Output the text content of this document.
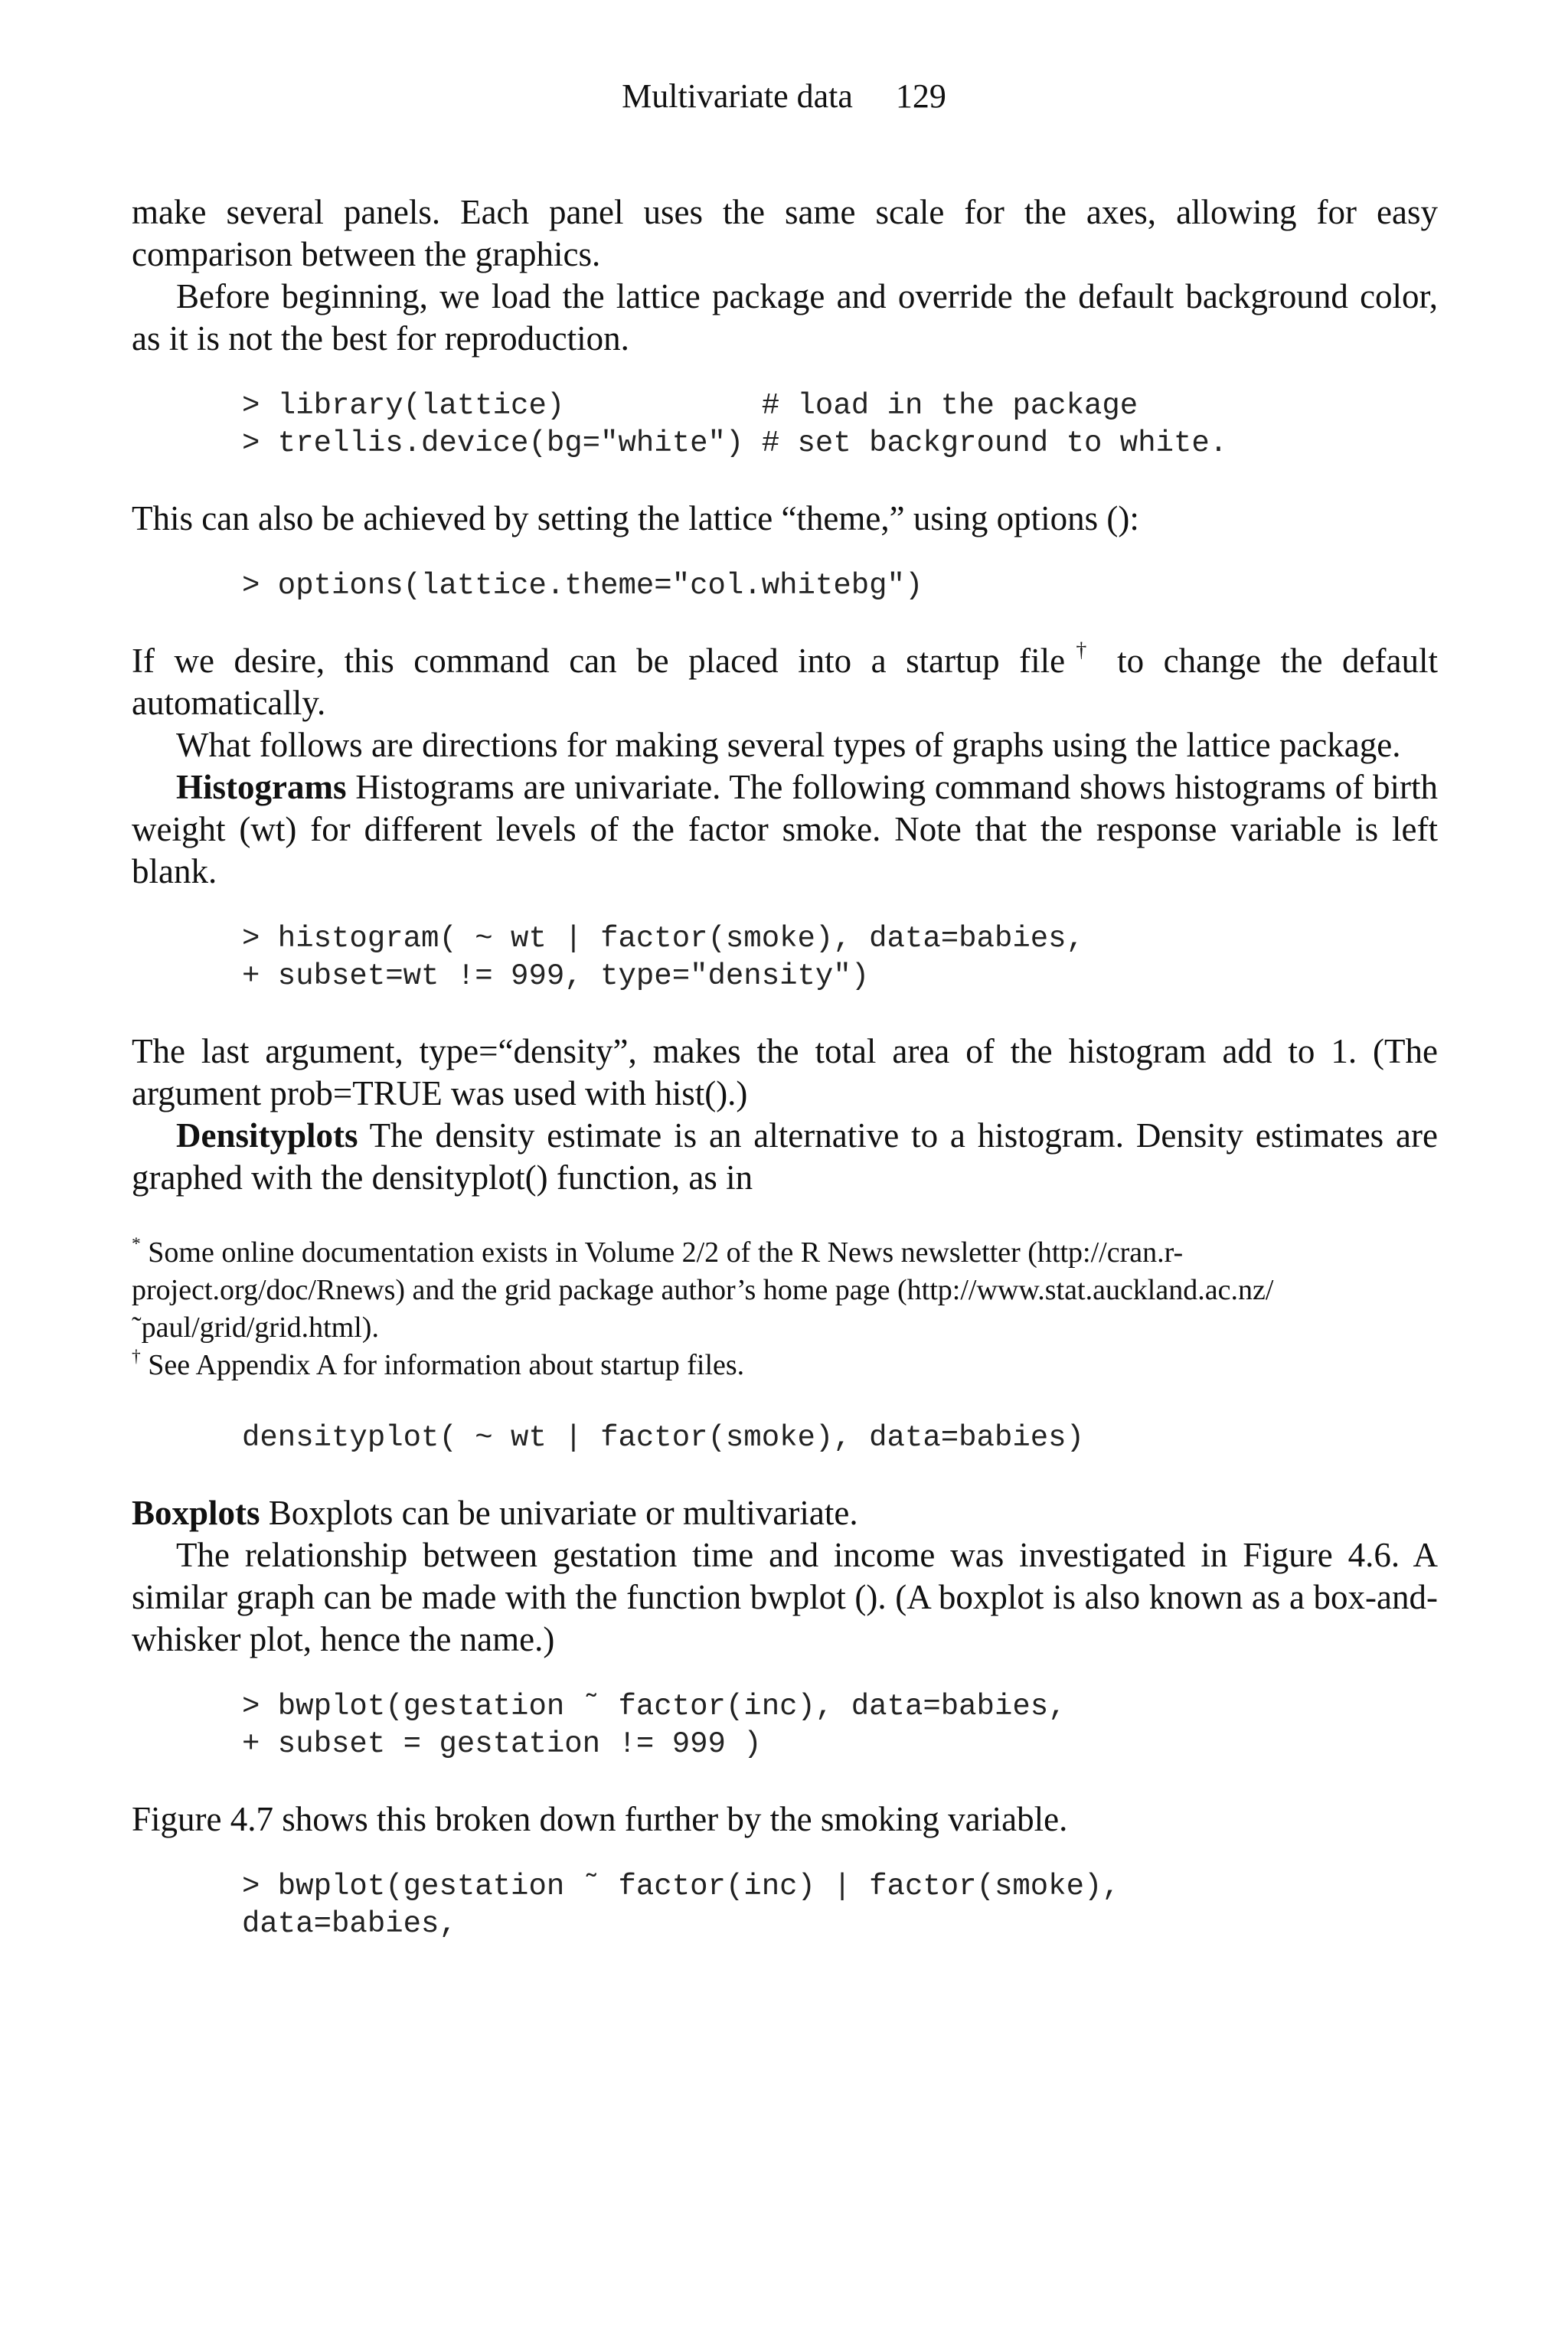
Multivariate data 129

make several panels. Each panel uses the same scale for the axes, allowing for easy comparison between the graphics.

Before beginning, we load the lattice package and override the default background color, as it is not the best for reproduction.

> library(lattice)           # load in the package
> trellis.device(bg="white") # set background to white.

This can also be achieved by setting the lattice “theme,” using options ():

> options(lattice.theme="col.whitebg")

If we desire, this command can be placed into a startup file† to change the default automatically.

What follows are directions for making several types of graphs using the lattice package.

Histograms Histograms are univariate. The following command shows histograms of birth weight (wt) for different levels of the factor smoke. Note that the response variable is left blank.

> histogram( ~ wt | factor(smoke), data=babies,
+ subset=wt != 999, type="density")

The last argument, type=“density”, makes the total area of the histogram add to 1. (The argument prob=TRUE was used with hist().)

Densityplots The density estimate is an alternative to a histogram. Density estimates are graphed with the densityplot() function, as in

* Some online documentation exists in Volume 2/2 of the R News newsletter (http://cran.r-project.org/doc/Rnews) and the grid package author’s home page (http://www.stat.auckland.ac.nz/˜paul/grid/grid.html).
† See Appendix A for information about startup files.
densityplot( ~ wt | factor(smoke), data=babies)

Boxplots Boxplots can be univariate or multivariate.

The relationship between gestation time and income was investigated in Figure 4.6. A similar graph can be made with the function bwplot (). (A boxplot is also known as a box-and-whisker plot, hence the name.)

> bwplot(gestation ˜ factor(inc), data=babies,
+ subset = gestation != 999 )

Figure 4.7 shows this broken down further by the smoking variable.

> bwplot(gestation ˜ factor(inc) | factor(smoke),
data=babies,
